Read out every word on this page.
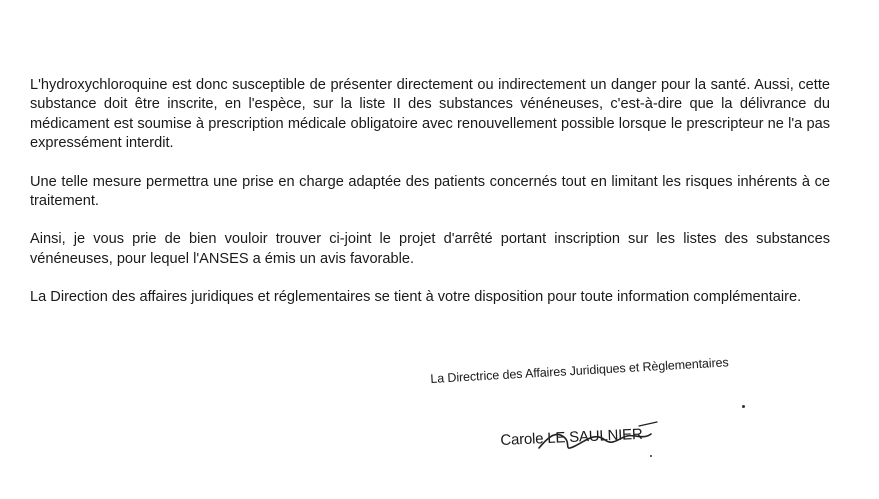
L'hydroxychloroquine est donc susceptible de présenter directement ou indirectement un danger pour la santé. Aussi, cette substance doit être inscrite, en l'espèce, sur la liste II des substances vénéneuses, c'est-à-dire que la délivrance du médicament est soumise à prescription médicale obligatoire avec renouvellement possible lorsque le prescripteur ne l'a pas expressément interdit.

Une telle mesure permettra une prise en charge adaptée des patients concernés tout en limitant les risques inhérents à ce traitement.

Ainsi, je vous prie de bien vouloir trouver ci-joint le projet d'arrêté portant inscription sur les listes des substances vénéneuses, pour lequel l'ANSES a émis un avis favorable.

La Direction des affaires juridiques et réglementaires se tient à votre disposition pour toute information complémentaire.

La Directrice des Affaires Juridiques et Règlementaires
Carole LE SAULNIER
